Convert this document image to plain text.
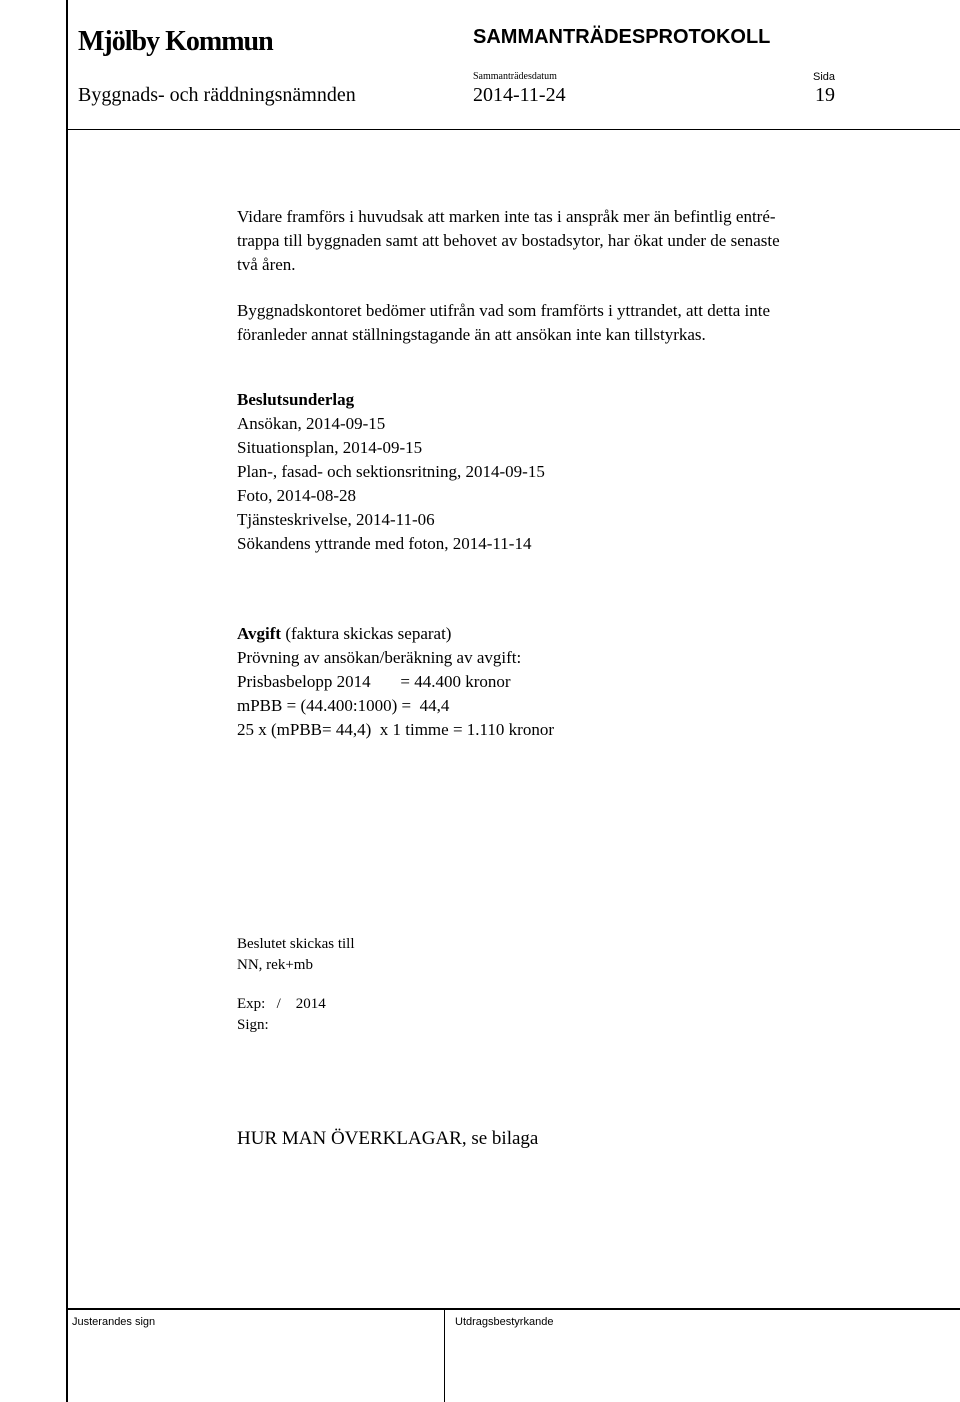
Mjölby Kommun	SAMMANTRÄDESPROTOKOLL
Sammanträdesdatum	Sida
Byggnads- och räddningsnämnden	2014-11-24	19
Vidare framförs i huvudsak att marken inte tas i anspråk mer än befintlig entré-
trappa till byggnaden samt att behovet av bostadsytor, har ökat under de senaste
två åren.
Byggnadskontoret bedömer utifrån vad som framförts i yttrandet, att detta inte
föranleder annat ställningstagande än att ansökan inte kan tillstyrkas.
Beslutsunderlag
Ansökan, 2014-09-15
Situationsplan, 2014-09-15
Plan-, fasad- och sektionsritning, 2014-09-15
Foto, 2014-08-28
Tjänsteskrivelse, 2014-11-06
Sökandens yttrande med foton, 2014-11-14
Avgift (faktura skickas separat)
Prövning av ansökan/beräkning av avgift:
Prisbasbelopp 2014       = 44.400 kronor
mPBB = (44.400:1000) =  44,4
25 x (mPBB= 44,4)  x 1 timme = 1.110 kronor
Beslutet skickas till
NN, rek+mb
Exp:   /    2014
Sign:
HUR MAN ÖVERKLAGAR, se bilaga
Justerandes sign	Utdragsbestyrkande
